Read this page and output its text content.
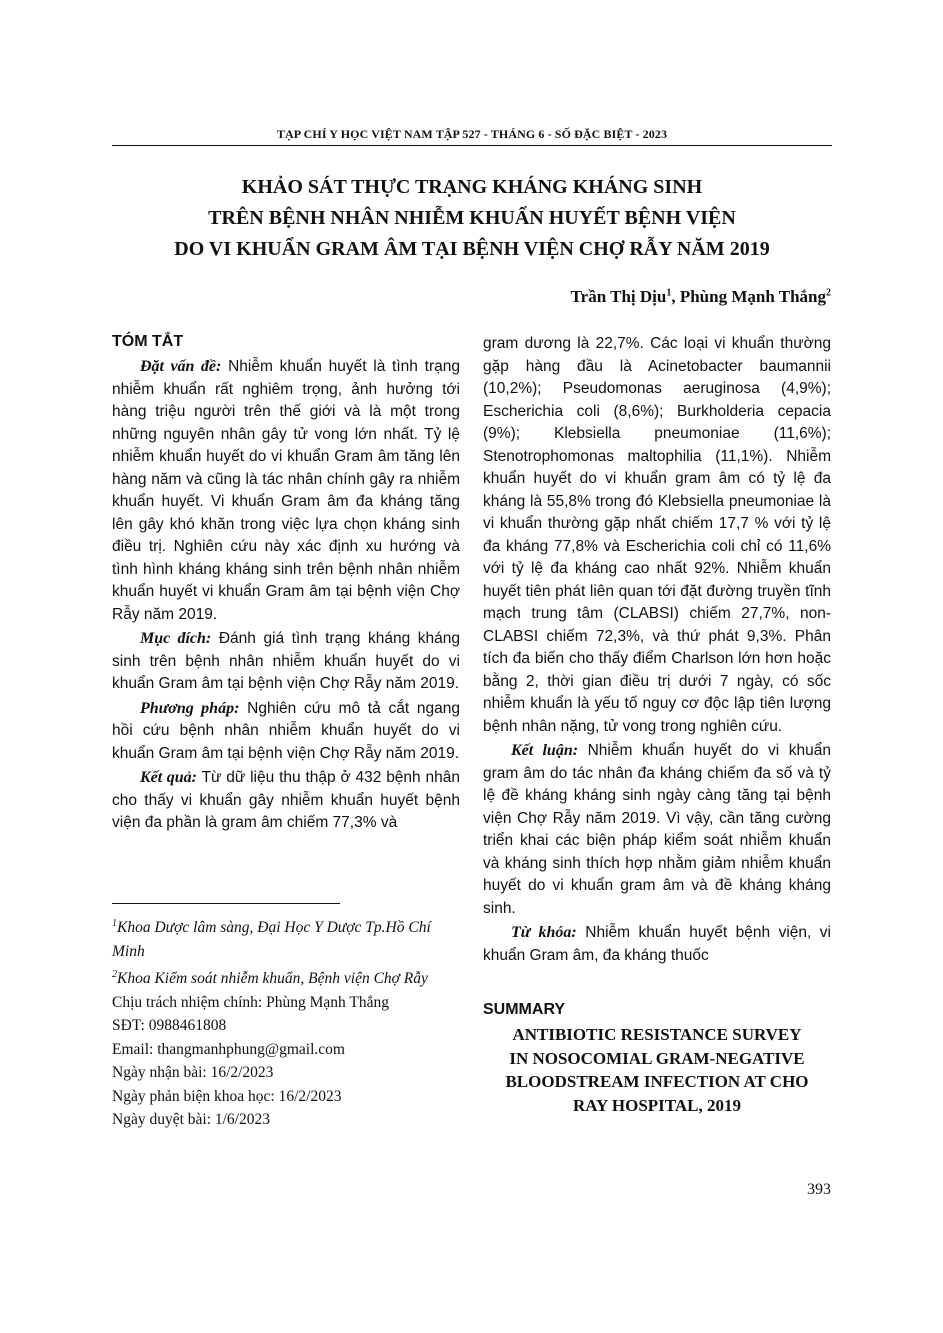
TẠP CHÍ Y HỌC VIỆT NAM TẬP 527 - THÁNG 6 - SỐ ĐẶC BIỆT - 2023
KHẢO SÁT THỰC TRẠNG KHÁNG KHÁNG SINH
TRÊN BỆNH NHÂN NHIỄM KHUẨN HUYẾT BỆNH VIỆN
DO VI KHUẨN GRAM ÂM TẠI BỆNH VIỆN CHỢ RẪY NĂM 2019
Trần Thị Dịu$^1$, Phùng Mạnh Thắng$^2$
TÓM TẮT

Đặt vấn đề: Nhiễm khuẩn huyết là tình trạng nhiễm khuẩn rất nghiêm trọng, ảnh hưởng tới hàng triệu người trên thế giới và là một trong những nguyên nhân gây tử vong lớn nhất. Tỷ lệ nhiễm khuẩn huyết do vi khuẩn Gram âm tăng lên hàng năm và cũng là tác nhân chính gây ra nhiễm khuẩn huyết. Vi khuẩn Gram âm đa kháng tăng lên gây khó khăn trong việc lựa chọn kháng sinh điều trị. Nghiên cứu này xác định xu hướng và tình hình kháng kháng sinh trên bệnh nhân nhiễm khuẩn huyết vi khuẩn Gram âm tại bệnh viện Chợ Rẫy năm 2019.

Mục đích: Đánh giá tình trạng kháng kháng sinh trên bệnh nhân nhiễm khuẩn huyết do vi khuẩn Gram âm tại bệnh viện Chợ Rẫy năm 2019.

Phương pháp: Nghiên cứu mô tả cắt ngang hồi cứu bệnh nhân nhiễm khuẩn huyết do vi khuẩn Gram âm tại bệnh viện Chợ Rẫy năm 2019.

Kết quả: Từ dữ liệu thu thập ở 432 bệnh nhân cho thấy vi khuẩn gây nhiễm khuẩn huyết bệnh viện đa phần là gram âm chiếm 77,3% và

$^1$Khoa Dược lâm sàng, Đại Học Y Dược Tp.Hồ Chí Minh

$^2$Khoa Kiểm soát nhiễm khuẩn, Bệnh viện Chợ Rẫy

Chịu trách nhiệm chính: Phùng Mạnh Thắng

SĐT: 0988461808

Email: thangmanhphung@gmail.com

Ngày nhận bài: 16/2/2023

Ngày phản biện khoa học: 16/2/2023

Ngày duyệt bài: 1/6/2023

gram dương là 22,7%. Các loại vi khuẩn thường gặp hàng đầu là Acinetobacter baumannii (10,2%); Pseudomonas aeruginosa (4,9%); Escherichia coli (8,6%); Burkholderia cepacia (9%); Klebsiella pneumoniae (11,6%); Stenotrophomonas maltophilia (11,1%). Nhiễm khuẩn huyết do vi khuẩn gram âm có tỷ lệ đa kháng là 55,8% trong đó Klebsiella pneumoniae là vi khuẩn thường gặp nhất chiếm 17,7 % với tỷ lệ đa kháng 77,8% và Escherichia coli chỉ có 11,6% với tỷ lệ đa kháng cao nhất 92%. Nhiễm khuẩn huyết tiên phát liên quan tới đặt đường truyền tĩnh mạch trung tâm (CLABSI) chiếm 27,7%, non-CLABSI chiếm 72,3%, và thứ phát 9,3%. Phân tích đa biến cho thấy điểm Charlson lớn hơn hoặc bằng 2, thời gian điều trị dưới 7 ngày, có sốc nhiễm khuẩn là yếu tố nguy cơ độc lập tiên lượng bệnh nhân nặng, tử vong trong nghiên cứu.

Kết luận: Nhiễm khuẩn huyết do vi khuẩn gram âm do tác nhân đa kháng chiếm đa số và tỷ lệ đề kháng kháng sinh ngày càng tăng tại bệnh viện Chợ Rẫy năm 2019. Vì vậy, cần tăng cường triển khai các biện pháp kiểm soát nhiễm khuẩn và kháng sinh thích hợp nhằm giảm nhiễm khuẩn huyết do vi khuẩn gram âm và đề kháng kháng sinh.

Từ khóa: Nhiễm khuẩn huyết bệnh viện, vi khuẩn Gram âm, đa kháng thuốc

SUMMARY
ANTIBIOTIC RESISTANCE SURVEY
IN NOSOCOMIAL GRAM-NEGATIVE
BLOODSTREAM INFECTION AT CHO
RAY HOSPITAL, 2019
393
